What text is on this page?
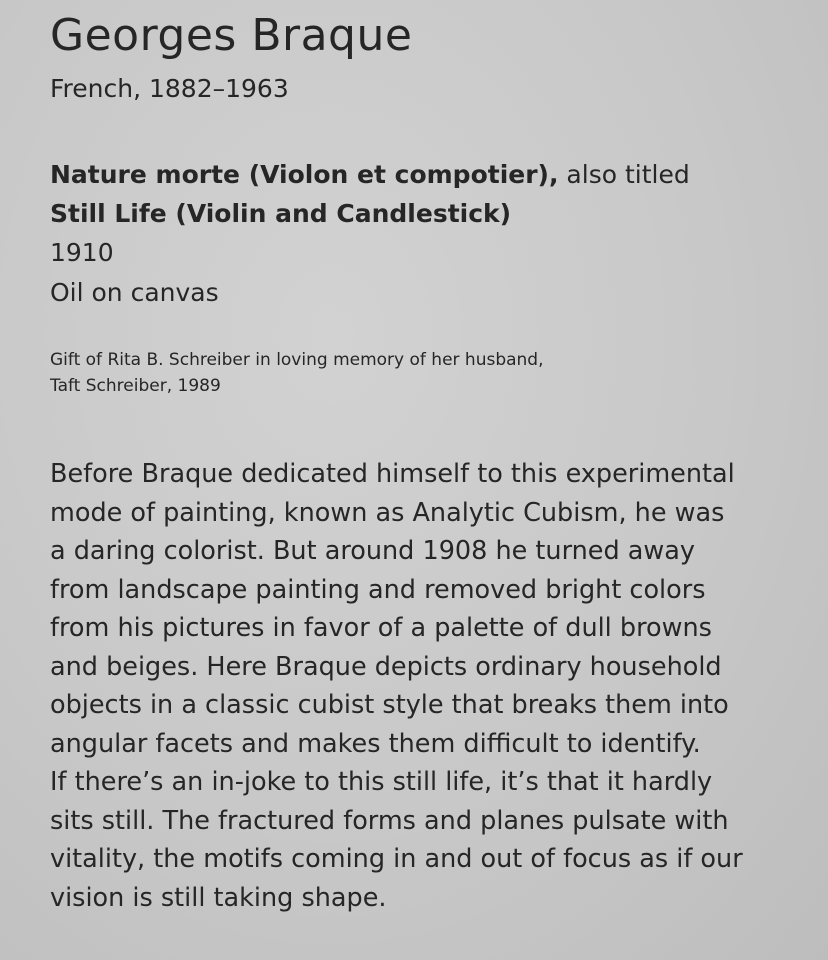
Georges Braque
French, 1882–1963
Nature morte (Violon et compotier), also titled
Still Life (Violin and Candlestick)
1910
Oil on canvas
Gift of Rita B. Schreiber in loving memory of her husband,
Taft Schreiber, 1989
Before Braque dedicated himself to this experimental
mode of painting, known as Analytic Cubism, he was
a daring colorist. But around 1908 he turned away
from landscape painting and removed bright colors
from his pictures in favor of a palette of dull browns
and beiges. Here Braque depicts ordinary household
objects in a classic cubist style that breaks them into
angular facets and makes them difficult to identify.
If there’s an in-joke to this still life, it’s that it hardly
sits still. The fractured forms and planes pulsate with
vitality, the motifs coming in and out of focus as if our
vision is still taking shape.
